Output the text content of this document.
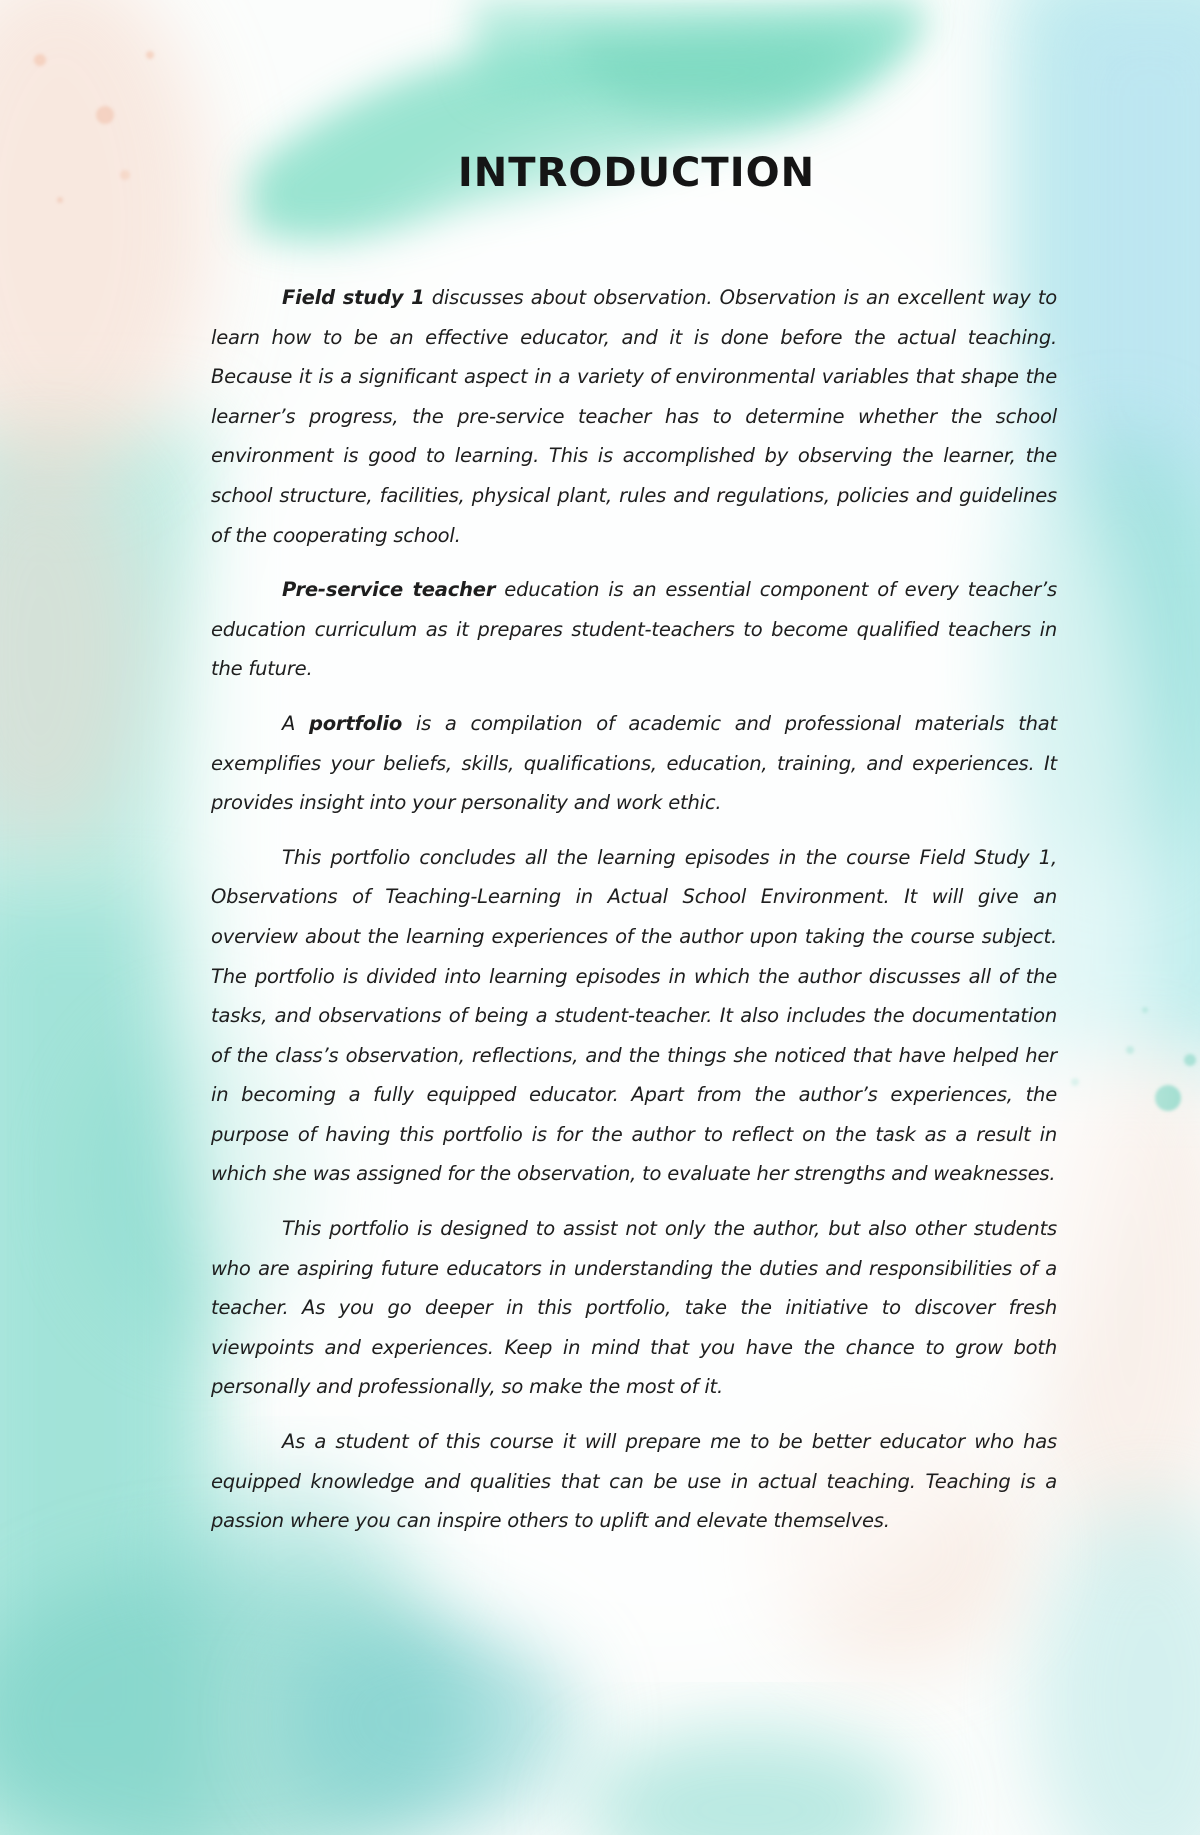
INTRODUCTION

Field study 1 discusses about observation. Observation is an excellent way to learn how to be an effective educator, and it is done before the actual teaching. Because it is a significant aspect in a variety of environmental variables that shape the learner’s progress, the pre-service teacher has to determine whether the school environment is good to learning. This is accomplished by observing the learner, the school structure, facilities, physical plant, rules and regulations, policies and guidelines of the cooperating school.

Pre-service teacher education is an essential component of every teacher’s education curriculum as it prepares student-teachers to become qualified teachers in the future.

A portfolio is a compilation of academic and professional materials that exemplifies your beliefs, skills, qualifications, education, training, and experiences. It provides insight into your personality and work ethic.

This portfolio concludes all the learning episodes in the course Field Study 1, Observations of Teaching-Learning in Actual School Environment. It will give an overview about the learning experiences of the author upon taking the course subject. The portfolio is divided into learning episodes in which the author discusses all of the tasks, and observations of being a student-teacher. It also includes the documentation of the class’s observation, reflections, and the things she noticed that have helped her in becoming a fully equipped educator. Apart from the author’s experiences, the purpose of having this portfolio is for the author to reflect on the task as a result in which she was assigned for the observation, to evaluate her strengths and weaknesses.

This portfolio is designed to assist not only the author, but also other students who are aspiring future educators in understanding the duties and responsibilities of a teacher. As you go deeper in this portfolio, take the initiative to discover fresh viewpoints and experiences. Keep in mind that you have the chance to grow both personally and professionally, so make the most of it.

As a student of this course it will prepare me to be better educator who has equipped knowledge and qualities that can be use in actual teaching. Teaching is a passion where you can inspire others to uplift and elevate themselves.
